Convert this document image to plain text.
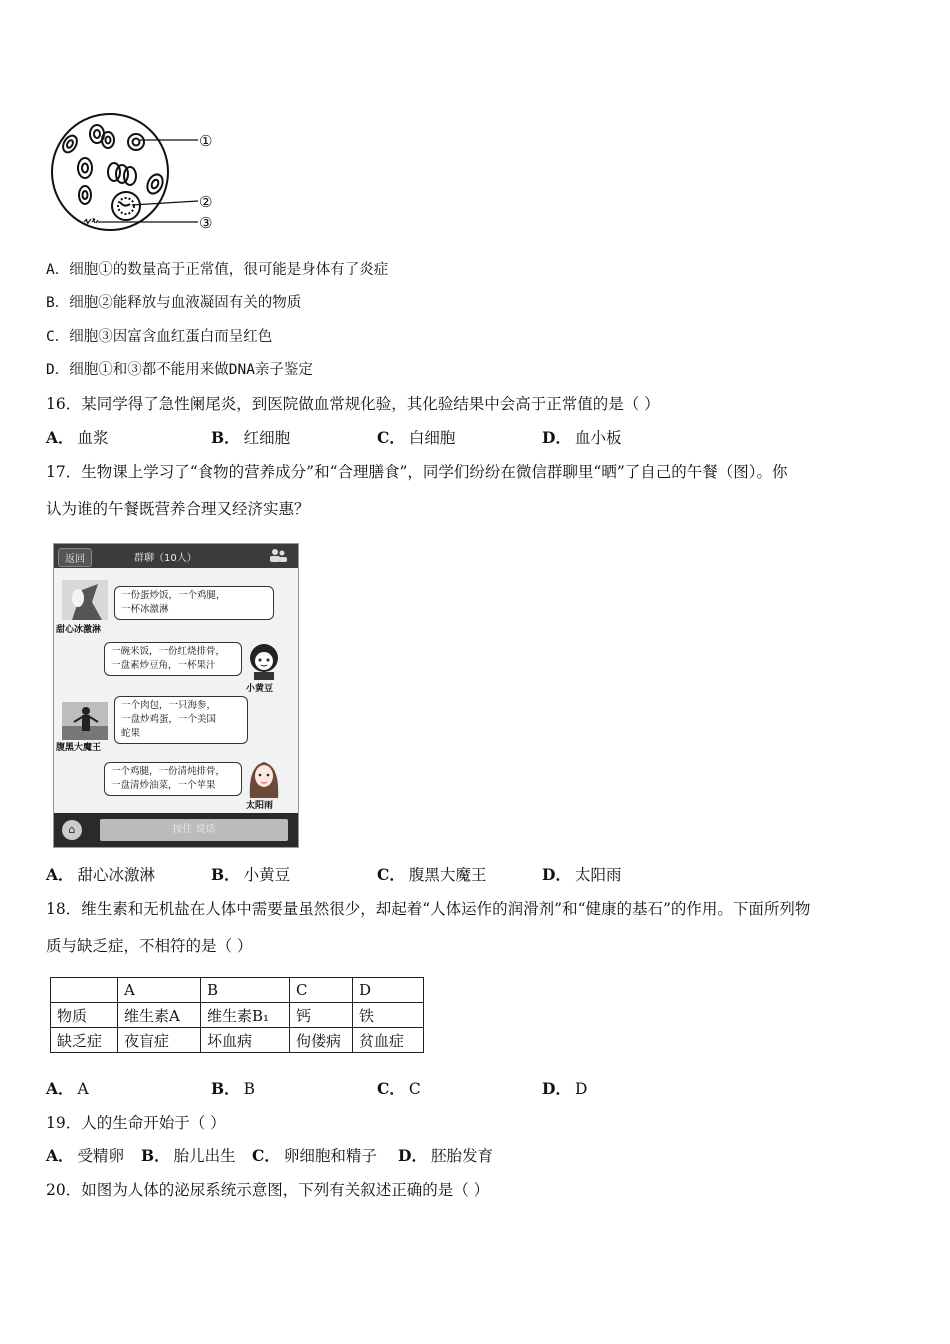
①
②
③
A．细胞①的数量高于正常值，很可能是身体有了炎症
B．细胞②能释放与血液凝固有关的物质
C．细胞③因富含血红蛋白而呈红色
D．细胞①和③都不能用来做DNA亲子鉴定
16．某同学得了急性阑尾炎，到医院做血常规化验，其化验结果中会高于正常值的是（ ）
A． 血浆	B． 红细胞	C． 白细胞	D． 血小板
17．生物课上学习了“食物的营养成分”和“合理膳食”，同学们纷纷在微信群聊里“晒”了自己的午餐（图）。你
认为谁的午餐既营养合理又经济实惠？
返回	群聊（10人）
甜心冰激淋
一份蛋炒饭，一个鸡腿，
一杯冰激淋
小黄豆
一碗米饭，一份红烧排骨，
一盘素炒豆角，一杯果汁
腹黑大魔王
一个肉包，一只海参，
一盘炒鸡蛋，一个美国
蛇果
太阳雨
一个鸡腿，一份清炖排骨，
一盘清炒油菜，一个苹果
⌂	按住 说话
A． 甜心冰激淋	B． 小黄豆	C． 腹黑大魔王	D． 太阳雨
18．维生素和无机盐在人体中需要量虽然很少，却起着“人体运作的润滑剂”和“健康的基石”的作用。下面所列物
质与缺乏症，不相符的是（ ）
	A	B	C	D
物质	维生素A	维生素B₁	钙	铁
缺乏症	夜盲症	坏血病	佝偻病	贫血症
A． A	B． B	C． C	D． D
19．人的生命开始于（ ）
A． 受精卵 B． 胎儿出生 C． 卵细胞和精子 D． 胚胎发育
20．如图为人体的泌尿系统示意图，下列有关叙述正确的是（ ）
